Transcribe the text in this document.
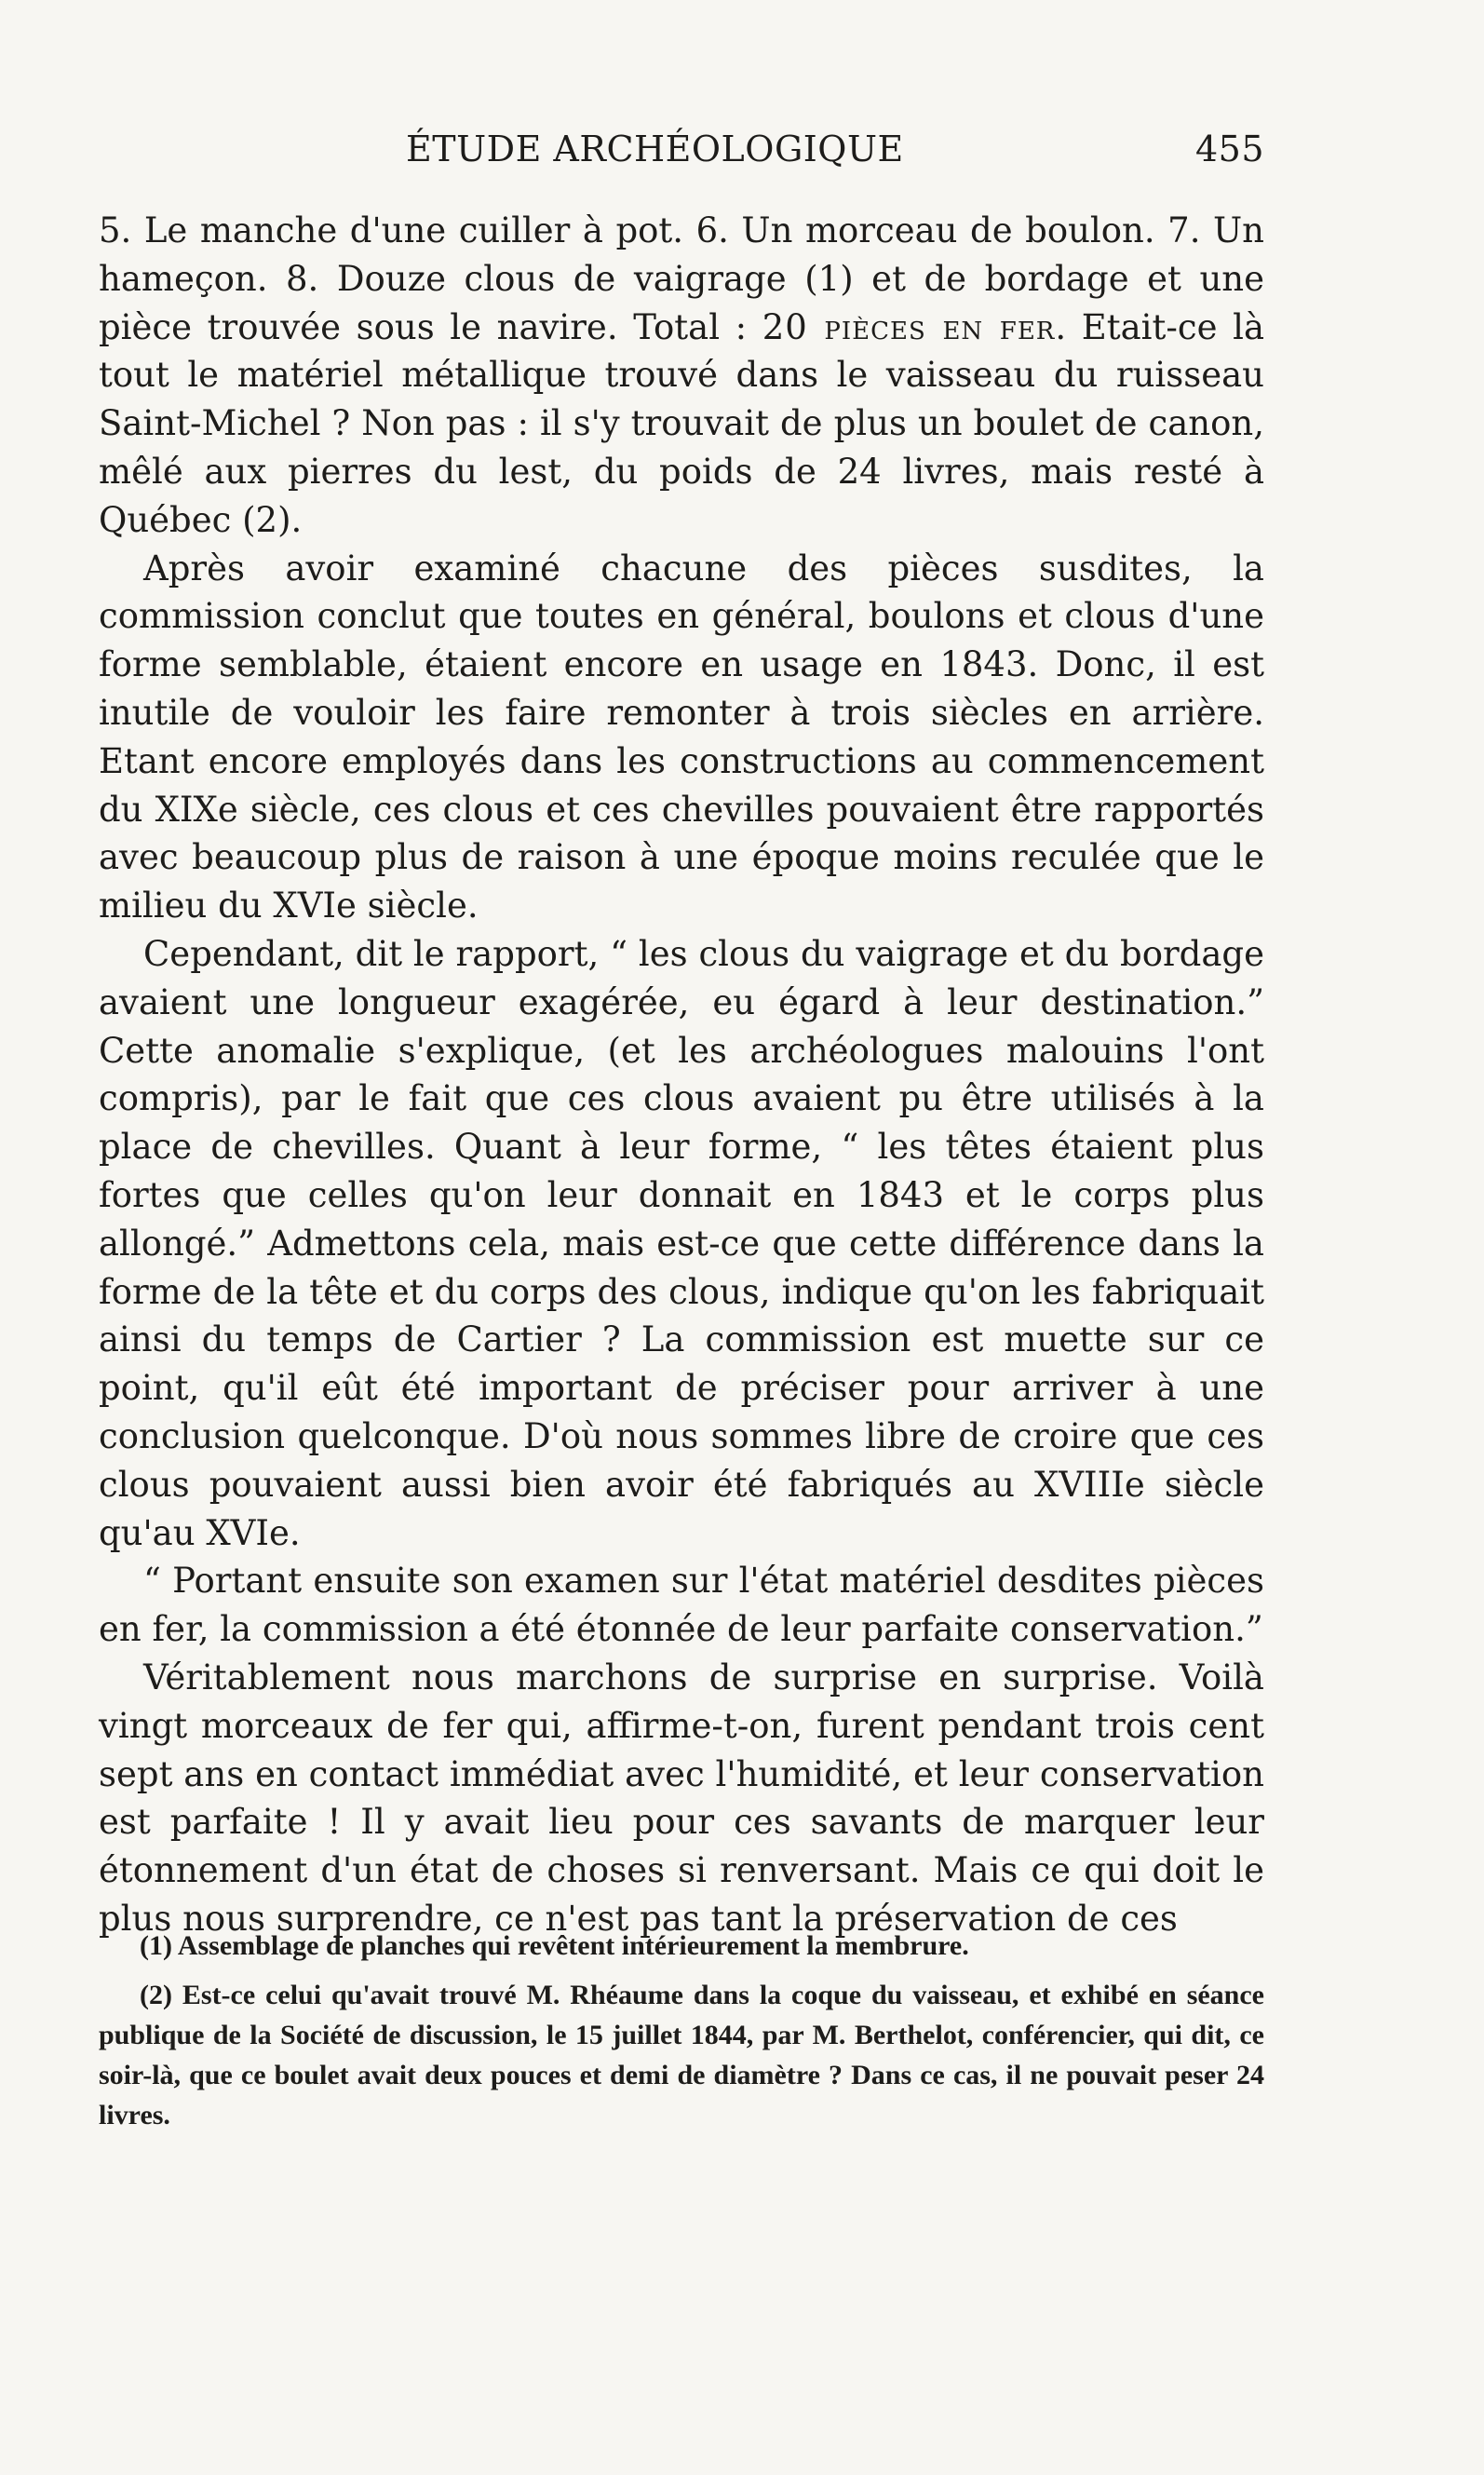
ÉTUDE ARCHÉOLOGIQUE	455

5. Le manche d'une cuiller à pot. 6. Un morceau de boulon. 7. Un hameçon. 8. Douze clous de vaigrage (1) et de bordage et une pièce trouvée sous le navire. Total : 20 pièces en fer. Etait-ce là tout le matériel métallique trouvé dans le vaisseau du ruisseau Saint-Michel ? Non pas : il s'y trouvait de plus un boulet de canon, mêlé aux pierres du lest, du poids de 24 livres, mais resté à Québec (2).

Après avoir examiné chacune des pièces susdites, la commission conclut que toutes en général, boulons et clous d'une forme semblable, étaient encore en usage en 1843. Donc, il est inutile de vouloir les faire remonter à trois siècles en arrière. Etant encore employés dans les constructions au commencement du XIXe siècle, ces clous et ces chevilles pouvaient être rapportés avec beaucoup plus de raison à une époque moins reculée que le milieu du XVIe siècle.

Cependant, dit le rapport, “ les clous du vaigrage et du bordage avaient une longueur exagérée, eu égard à leur destination.” Cette anomalie s'explique, (et les archéologues malouins l'ont compris), par le fait que ces clous avaient pu être utilisés à la place de chevilles. Quant à leur forme, “ les têtes étaient plus fortes que celles qu'on leur donnait en 1843 et le corps plus allongé.” Admettons cela, mais est-ce que cette différence dans la forme de la tête et du corps des clous, indique qu'on les fabriquait ainsi du temps de Cartier ? La commission est muette sur ce point, qu'il eût été important de préciser pour arriver à une conclusion quelconque. D'où nous sommes libre de croire que ces clous pouvaient aussi bien avoir été fabriqués au XVIIIe siècle qu'au XVIe.

“ Portant ensuite son examen sur l'état matériel desdites pièces en fer, la commission a été étonnée de leur parfaite conservation.”

Véritablement nous marchons de surprise en surprise. Voilà vingt morceaux de fer qui, affirme-t-on, furent pendant trois cent sept ans en contact immédiat avec l'humidité, et leur conservation est parfaite ! Il y avait lieu pour ces savants de marquer leur étonnement d'un état de choses si renversant. Mais ce qui doit le plus nous surprendre, ce n'est pas tant la préservation de ces

(1) Assemblage de planches qui revêtent intérieurement la membrure.

(2) Est-ce celui qu'avait trouvé M. Rhéaume dans la coque du vaisseau, et exhibé en séance publique de la Société de discussion, le 15 juillet 1844, par M. Berthelot, conférencier, qui dit, ce soir-là, que ce boulet avait deux pouces et demi de diamètre ? Dans ce cas, il ne pouvait peser 24 livres.
